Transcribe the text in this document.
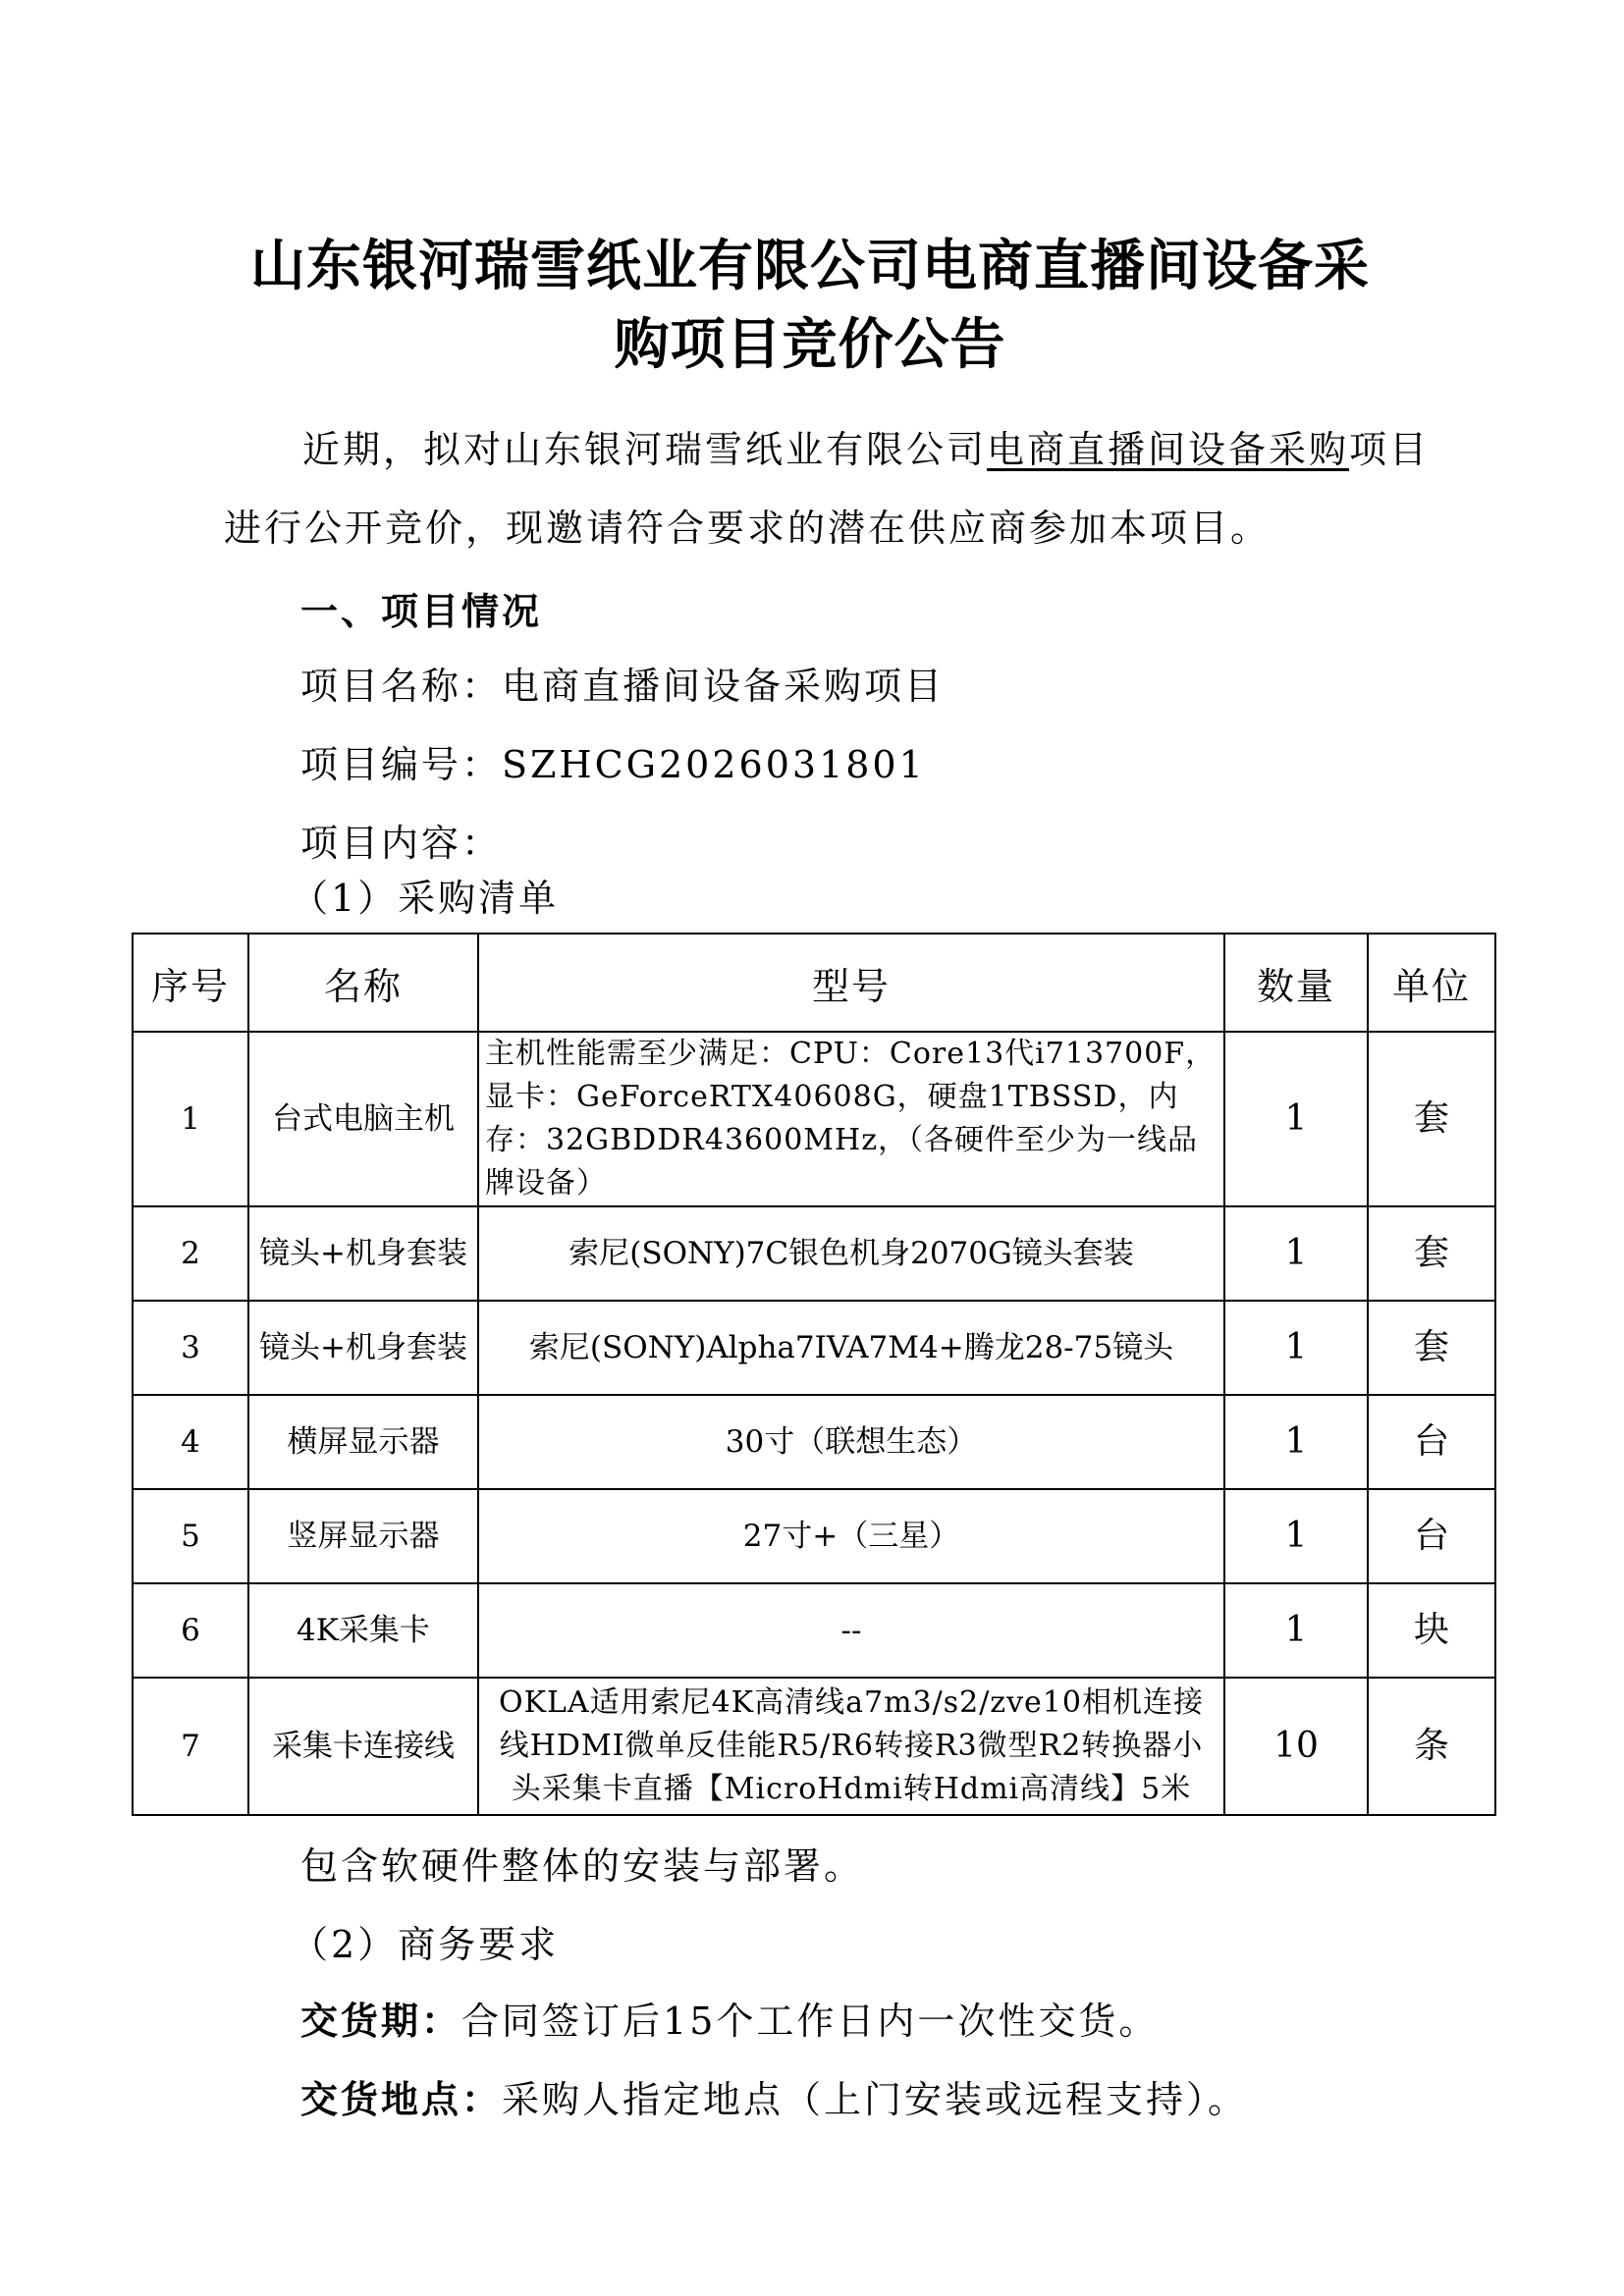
山东银河瑞雪纸业有限公司电商直播间设备采
购项目竞价公告
近期，拟对山东银河瑞雪纸业有限公司电商直播间设备采购项目进行公开竞价，现邀请符合要求的潜在供应商参加本项目。
一、项目情况
项目名称：电商直播间设备采购项目
项目编号：SZHCG2026031801
项目内容：
（1）采购清单
序号	名称	型号	数量	单位
1	台式电脑主机	主机性能需至少满足：CPU：Core13代i713700F，显卡：GeForceRTX40608G，硬盘1TBSSD，内存：32GBDDR43600MHz，（各硬件至少为一线品牌设备）	1	套
2	镜头+机身套装	索尼(SONY)7C银色机身2070G镜头套装	1	套
3	镜头+机身套装	索尼(SONY)Alpha7IVA7M4+腾龙28-75镜头	1	套
4	横屏显示器	30寸（联想生态）	1	台
5	竖屏显示器	27寸+（三星）	1	台
6	4K采集卡	--	1	块
7	采集卡连接线	OKLA适用索尼4K高清线a7m3/s2/zve10相机连接线HDMI微单反佳能R5/R6转接R3微型R2转换器小头采集卡直播【MicroHdmi转Hdmi高清线】5米	10	条
包含软硬件整体的安装与部署。
（2）商务要求
交货期：合同签订后15个工作日内一次性交货。
交货地点：采购人指定地点（上门安装或远程支持）。
